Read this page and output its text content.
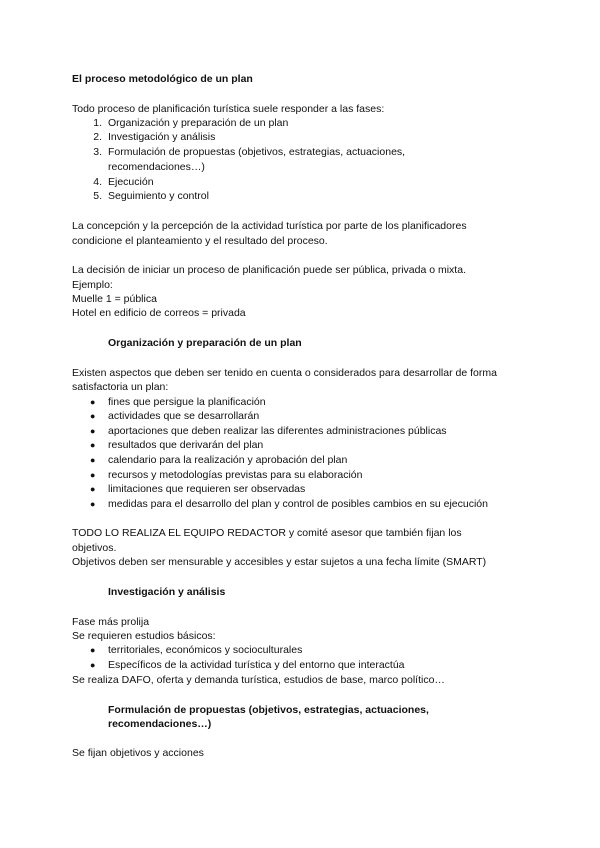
El proceso metodológico de un plan
Todo proceso de planificación turística suele responder a las fases:
1. Organización y preparación de un plan
2. Investigación y análisis
3. Formulación de propuestas (objetivos, estrategias, actuaciones,
recomendaciones…)
4. Ejecución
5. Seguimiento y control
La concepción y la percepción de la actividad turística por parte de los planificadores
condicione el planteamiento y el resultado del proceso.
La decisión de iniciar un proceso de planificación puede ser pública, privada o mixta.
Ejemplo:
Muelle 1 = pública
Hotel en edificio de correos = privada
Organización y preparación de un plan
Existen aspectos que deben ser tenido en cuenta o considerados para desarrollar de forma
satisfactoria un plan:
● fines que persigue la planificación
● actividades que se desarrollarán
● aportaciones que deben realizar las diferentes administraciones públicas
● resultados que derivarán del plan
● calendario para la realización y aprobación del plan
● recursos y metodologías previstas para su elaboración
● limitaciones que requieren ser observadas
● medidas para el desarrollo del plan y control de posibles cambios en su ejecución
TODO LO REALIZA EL EQUIPO REDACTOR y comité asesor que también fijan los
objetivos.
Objetivos deben ser mensurable y accesibles y estar sujetos a una fecha límite (SMART)
Investigación y análisis
Fase más prolija
Se requieren estudios básicos:
● territoriales, económicos y socioculturales
● Específicos de la actividad turística y del entorno que interactúa
Se realiza DAFO, oferta y demanda turística, estudios de base, marco político…
Formulación de propuestas (objetivos, estrategias, actuaciones,
recomendaciones…)
Se fijan objetivos y acciones
